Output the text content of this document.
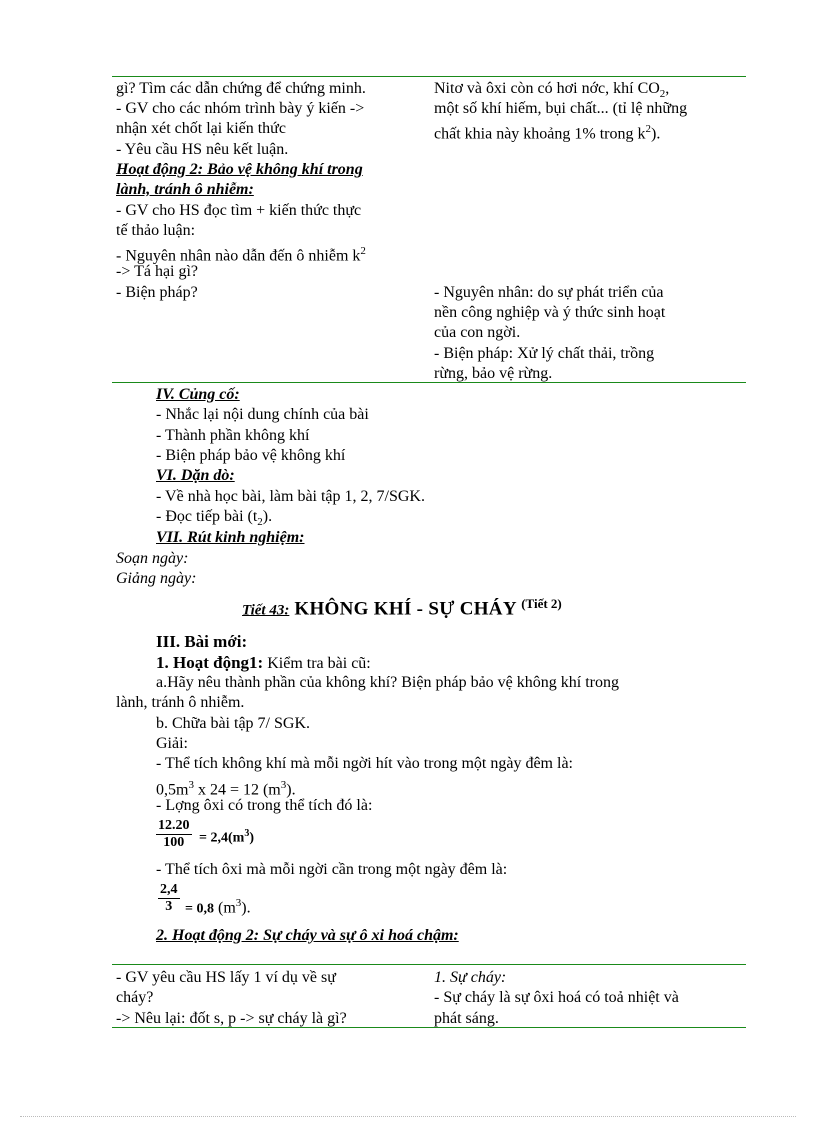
gì? Tìm các dẫn chứng để chứng minh.
- GV cho các nhóm trình bày ý kiến ->
nhận xét chốt lại kiến thức
- Yêu cầu HS nêu kết luận.
Hoạt động 2: Bảo vệ không khí trong
lành, tránh ô nhiễm:
- GV cho HS đọc tìm + kiến thức thực
tế thảo luận:
- Nguyên nhân nào dẫn đến ô nhiễm $k^2$
-> Tá hại gì?
- Biện pháp?
Nitơ và ôxi còn có hơi nớc, khí $CO_2$,
một số khí hiếm, bụi chất... (tỉ lệ những
chất khia này khoảng 1% trong $k^2$).
- Nguyên nhân: do sự phát triển của
nền công nghiệp và ý thức sinh hoạt
của con ngời.
- Biện pháp: Xử lý chất thải, trồng
rừng, bảo vệ rừng.
IV. Củng cố:
- Nhắc lại nội dung chính của bài
- Thành phần không khí
- Biện pháp bảo vệ không khí
VI. Dặn dò:
- Về nhà học bài, làm bài tập 1, 2, 7/SGK.
- Đọc tiếp bài $(t_2)$.
VII. Rút kinh nghiệm:
Soạn ngày:
Giảng ngày:
Tiết 43: KHÔNG KHÍ - SỰ CHÁY $^{(Tiết 2)}$
III. Bài mới:
1. Hoạt động1: Kiểm tra bài cũ:
a.Hãy nêu thành phần của không khí? Biện pháp bảo vệ không khí trong
lành, tránh ô nhiễm.
b. Chữa bài tập 7/ SGK.
Giải:
- Thể tích không khí mà mỗi ngời hít vào trong một ngày đêm là:
$0,5m^3$ x 24 = 12 $(m^3)$.
- Lợng ôxi có trong thể tích đó là:
$\frac{12.20}{100} = 2,4(m^3)$
- Thể tích ôxi mà mỗi ngời cần trong một ngày đêm là:
$\frac{2,4}{3} = 0,8$ $(m^3)$.
2. Hoạt động 2: Sự cháy và sự ô xi hoá chậm:
- GV yêu cầu HS lấy 1 ví dụ về sự
cháy?
-> Nêu lại: đốt s, p -> sự cháy là gì?
1. Sự cháy:
- Sự cháy là sự ôxi hoá có toả nhiệt và
phát sáng.
